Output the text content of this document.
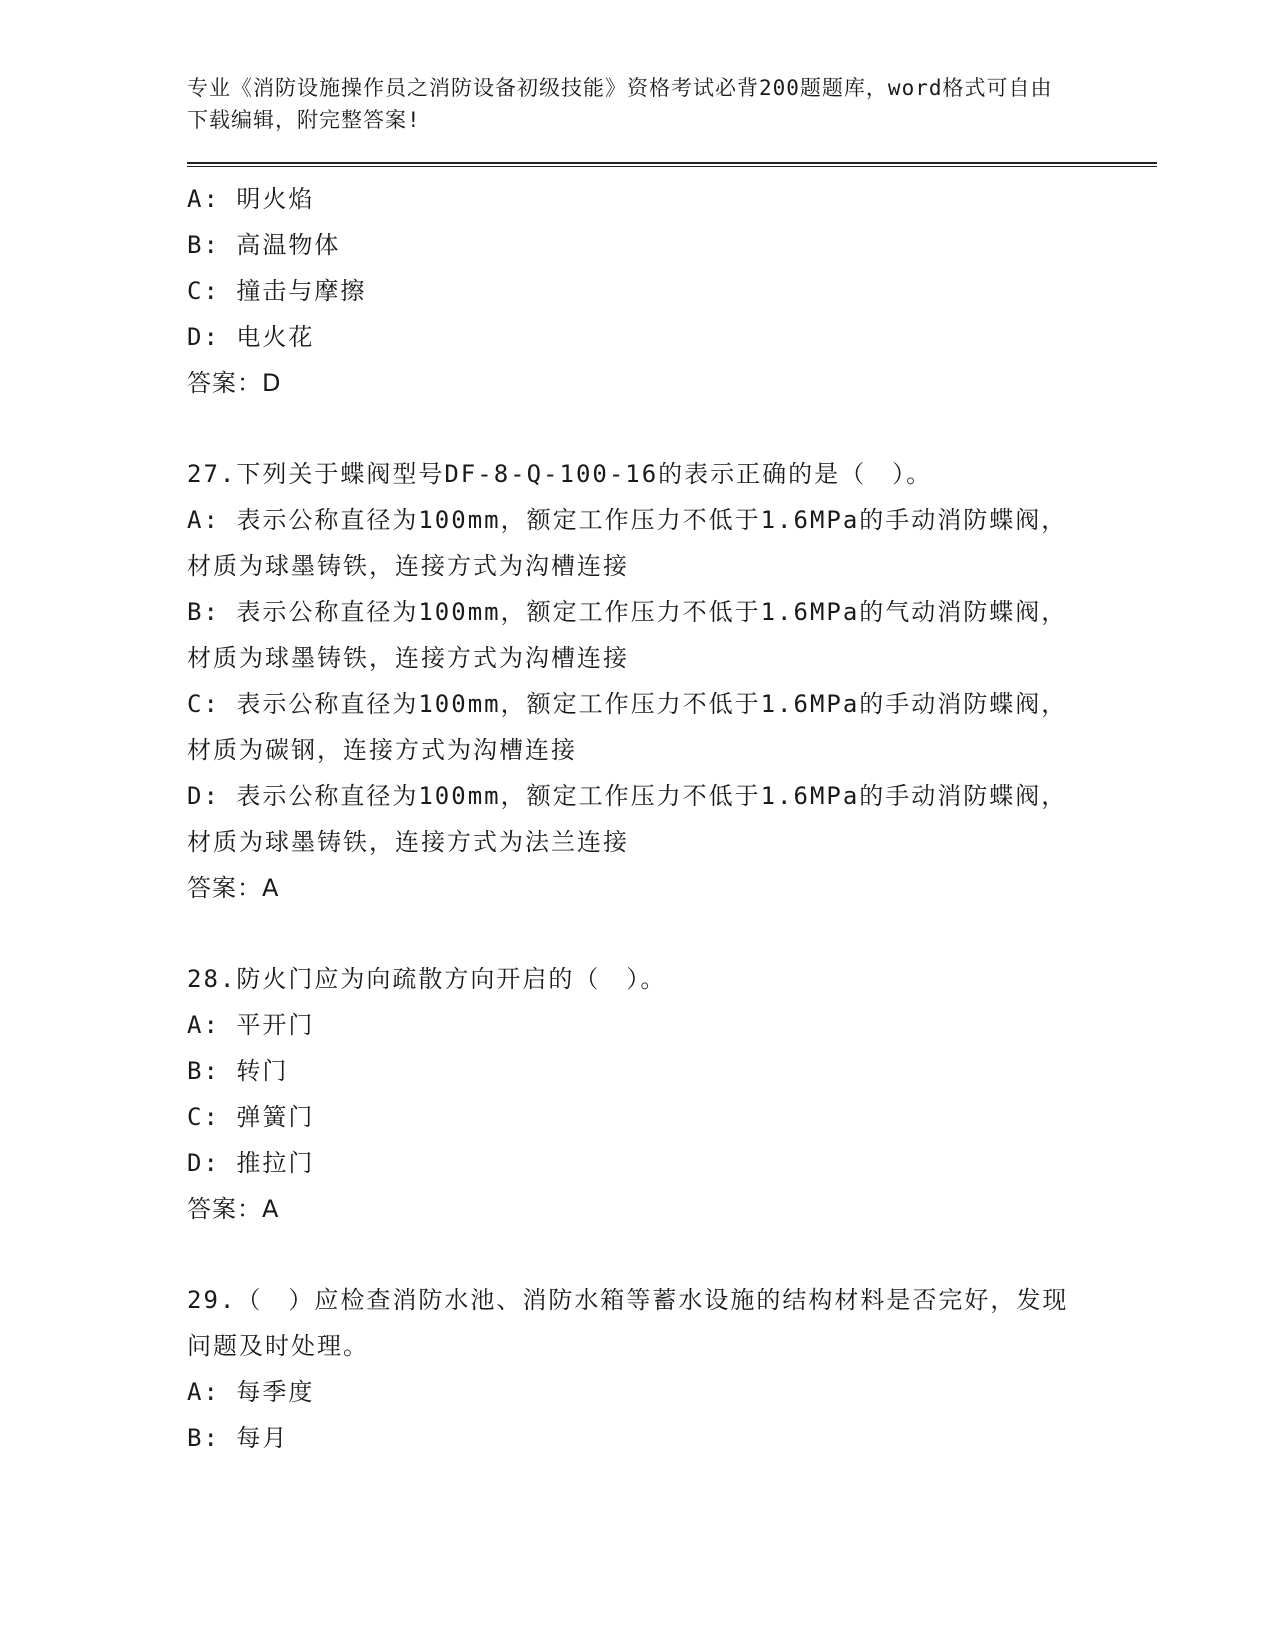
专业《消防设施操作员之消防设备初级技能》资格考试必背200题题库，word格式可自由下载编辑，附完整答案!

A: 明火焰

B: 高温物体

C: 撞击与摩擦

D: 电火花

答案：D

27.下列关于蝶阀型号DF-8-Q-100-16的表示正确的是（　）。

A: 表示公称直径为100mm，额定工作压力不低于1.6MPa的手动消防蝶阀，材质为球墨铸铁，连接方式为沟槽连接

B: 表示公称直径为100mm，额定工作压力不低于1.6MPa的气动消防蝶阀，材质为球墨铸铁，连接方式为沟槽连接

C: 表示公称直径为100mm，额定工作压力不低于1.6MPa的手动消防蝶阀，材质为碳钢，连接方式为沟槽连接

D: 表示公称直径为100mm，额定工作压力不低于1.6MPa的手动消防蝶阀，材质为球墨铸铁，连接方式为法兰连接

答案：A

28.防火门应为向疏散方向开启的（　）。

A: 平开门

B: 转门

C: 弹簧门

D: 推拉门

答案：A

29.（　）应检查消防水池、消防水箱等蓄水设施的结构材料是否完好，发现问题及时处理。

A: 每季度

B: 每月
